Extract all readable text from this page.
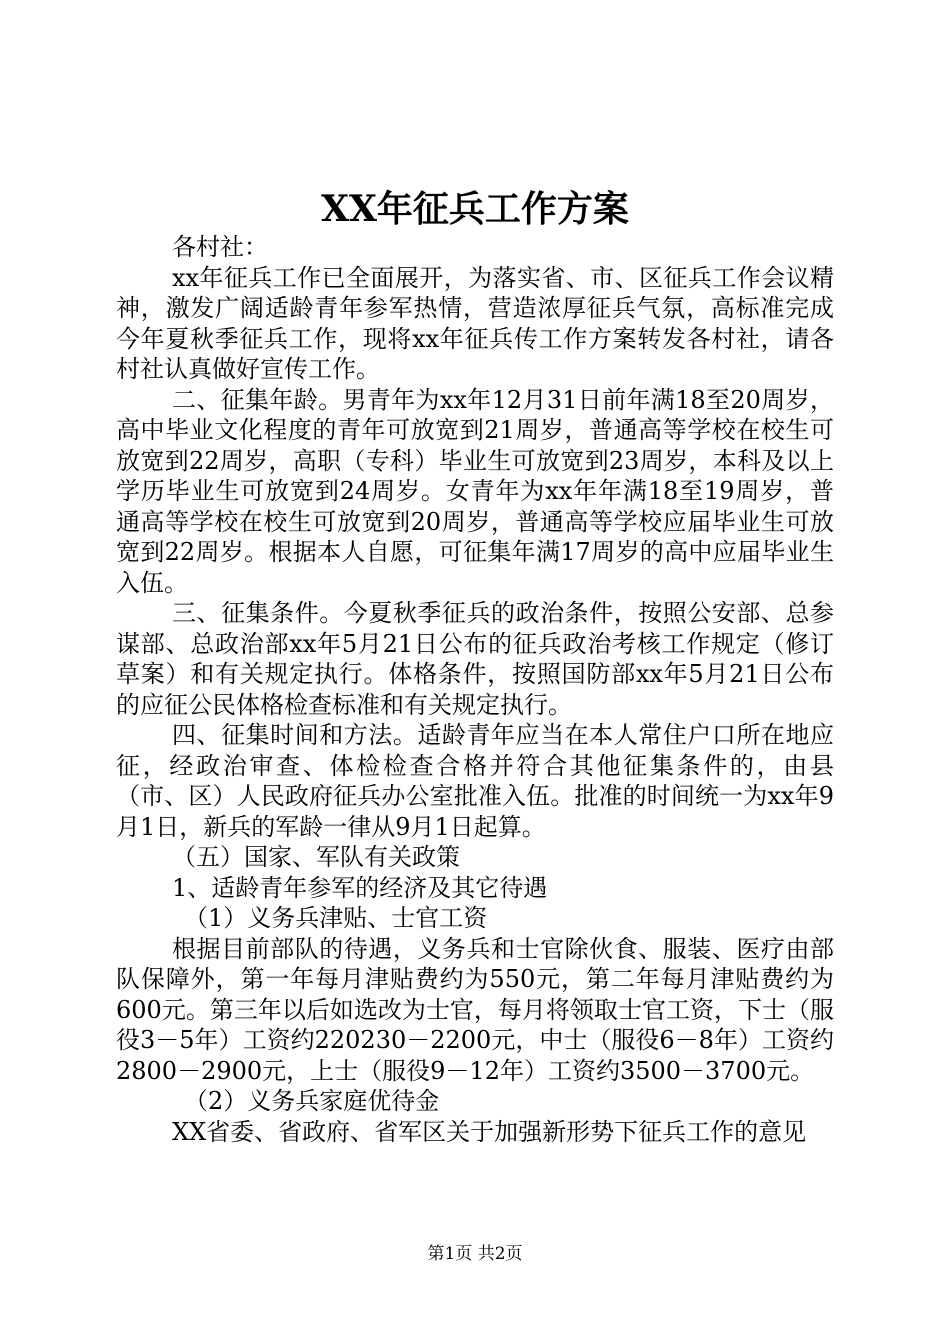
XX年征兵工作方案

各村社：

xx年征兵工作已全面展开，为落实省、市、区征兵工作会议精神，激发广阔适龄青年参军热情，营造浓厚征兵气氛，高标准完成今年夏秋季征兵工作，现将xx年征兵传工作方案转发各村社，请各村社认真做好宣传工作。

二、征集年龄。男青年为xx年12月31日前年满18至20周岁，高中毕业文化程度的青年可放宽到21周岁，普通高等学校在校生可放宽到22周岁，高职（专科）毕业生可放宽到23周岁，本科及以上学历毕业生可放宽到24周岁。女青年为xx年年满18至19周岁，普通高等学校在校生可放宽到20周岁，普通高等学校应届毕业生可放宽到22周岁。根据本人自愿，可征集年满17周岁的高中应届毕业生入伍。

三、征集条件。今夏秋季征兵的政治条件，按照公安部、总参谋部、总政治部xx年5月21日公布的征兵政治考核工作规定（修订草案）和有关规定执行。体格条件，按照国防部xx年5月21日公布的应征公民体格检查标准和有关规定执行。

四、征集时间和方法。适龄青年应当在本人常住户口所在地应征，经政治审查、体检检查合格并符合其他征集条件的，由县（市、区）人民政府征兵办公室批准入伍。批准的时间统一为xx年9月1日，新兵的军龄一律从9月1日起算。

（五）国家、军队有关政策

1、适龄青年参军的经济及其它待遇

（1）义务兵津贴、士官工资

根据目前部队的待遇，义务兵和士官除伙食、服装、医疗由部队保障外，第一年每月津贴费约为550元，第二年每月津贴费约为600元。第三年以后如选改为士官，每月将领取士官工资，下士（服役3－5年）工资约220230－2200元，中士（服役6－8年）工资约2800－2900元，上士（服役9－12年）工资约3500－3700元。

（2）义务兵家庭优待金

XX省委、省政府、省军区关于加强新形势下征兵工作的意见

第1页 共2页
